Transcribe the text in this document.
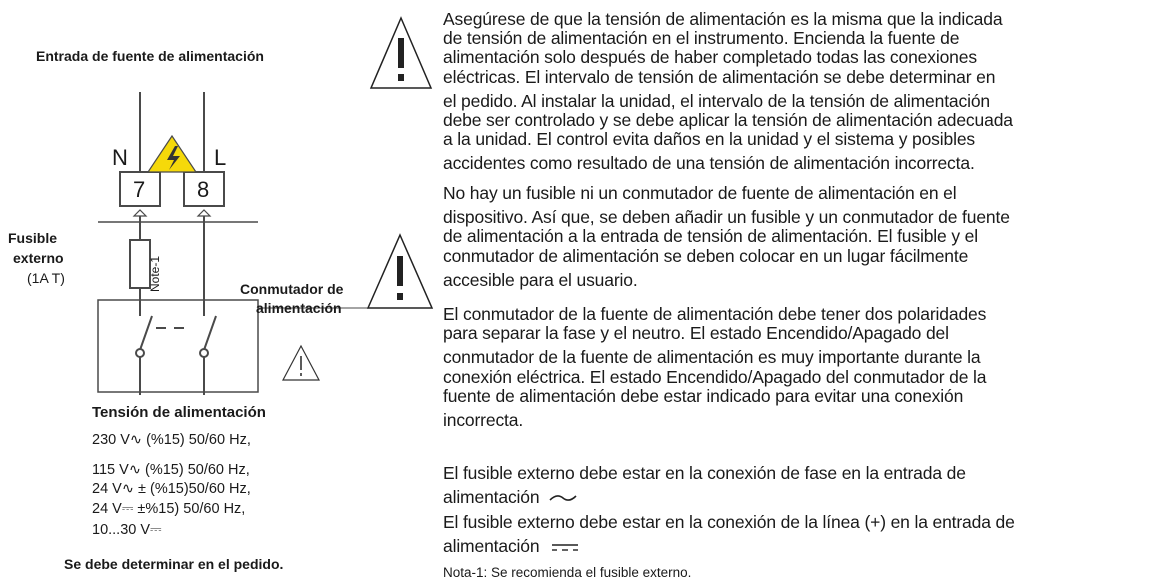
Entrada de fuente de alimentación
N	L
7 8
Fusible
externo
(1A T)	Note-1	Conmutador de
alimentación
Tensión de alimentación
230 V∿ (%15) 50/60 Hz,
115 V∿ (%15) 50/60 Hz,
24 V∿ ± (%15)50/60 Hz,
24 V⎓ ±%15) 50/60 Hz,
10...30 V⎓
Se debe determinar en el pedido.
Asegúrese de que la tensión de alimentación es la misma que la indicada
de tensión de alimentación en el instrumento. Encienda la fuente de
alimentación solo después de haber completado todas las conexiones
eléctricas. El intervalo de tensión de alimentación se debe determinar en
el pedido. Al instalar la unidad, el intervalo de la tensión de alimentación
debe ser controlado y se debe aplicar la tensión de alimentación adecuada
a la unidad. El control evita daños en la unidad y el sistema y posibles
accidentes como resultado de una tensión de alimentación incorrecta.
No hay un fusible ni un conmutador de fuente de alimentación en el
dispositivo. Así que, se deben añadir un fusible y un conmutador de fuente
de alimentación a la entrada de tensión de alimentación. El fusible y el
conmutador de alimentación se deben colocar en un lugar fácilmente
accesible para el usuario.
El conmutador de la fuente de alimentación debe tener dos polaridades
para separar la fase y el neutro. El estado Encendido/Apagado del
conmutador de la fuente de alimentación es muy importante durante la
conexión eléctrica. El estado Encendido/Apagado del conmutador de la
fuente de alimentación debe estar indicado para evitar una conexión
incorrecta.
El fusible externo debe estar en la conexión de fase en la entrada de
alimentación
El fusible externo debe estar en la conexión de la línea (+) en la entrada de
alimentación
Nota-1: Se recomienda el fusible externo.
